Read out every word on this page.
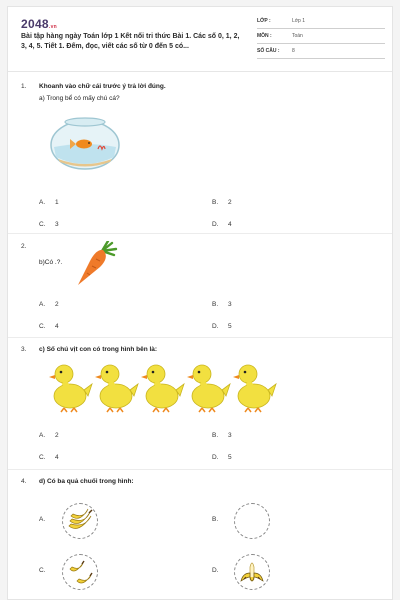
2048.vn
Bài tập hàng ngày Toán lớp 1 Kết nối tri thức Bài 1. Các số 0, 1, 2, 3, 4, 5. Tiết 1. Đếm, đọc, viết các số từ 0 đến 5 có...
LỚP :	Lớp 1
MÔN :	Toán
SỐ CÂU :	8
1. Khoanh vào chữ cái trước ý trả lời đúng.
a) Trong bể có mấy chú cá?
A. 1	B. 2
C. 3	D. 4
2.
b)Có .?.
A. 2	B. 3
C. 4	D. 5
3. c) Số chú vịt con có trong hình bên là:
A. 2	B. 3
C. 4	D. 5
4. d) Có ba quả chuối trong hình:
A.	B.
C.	D.
